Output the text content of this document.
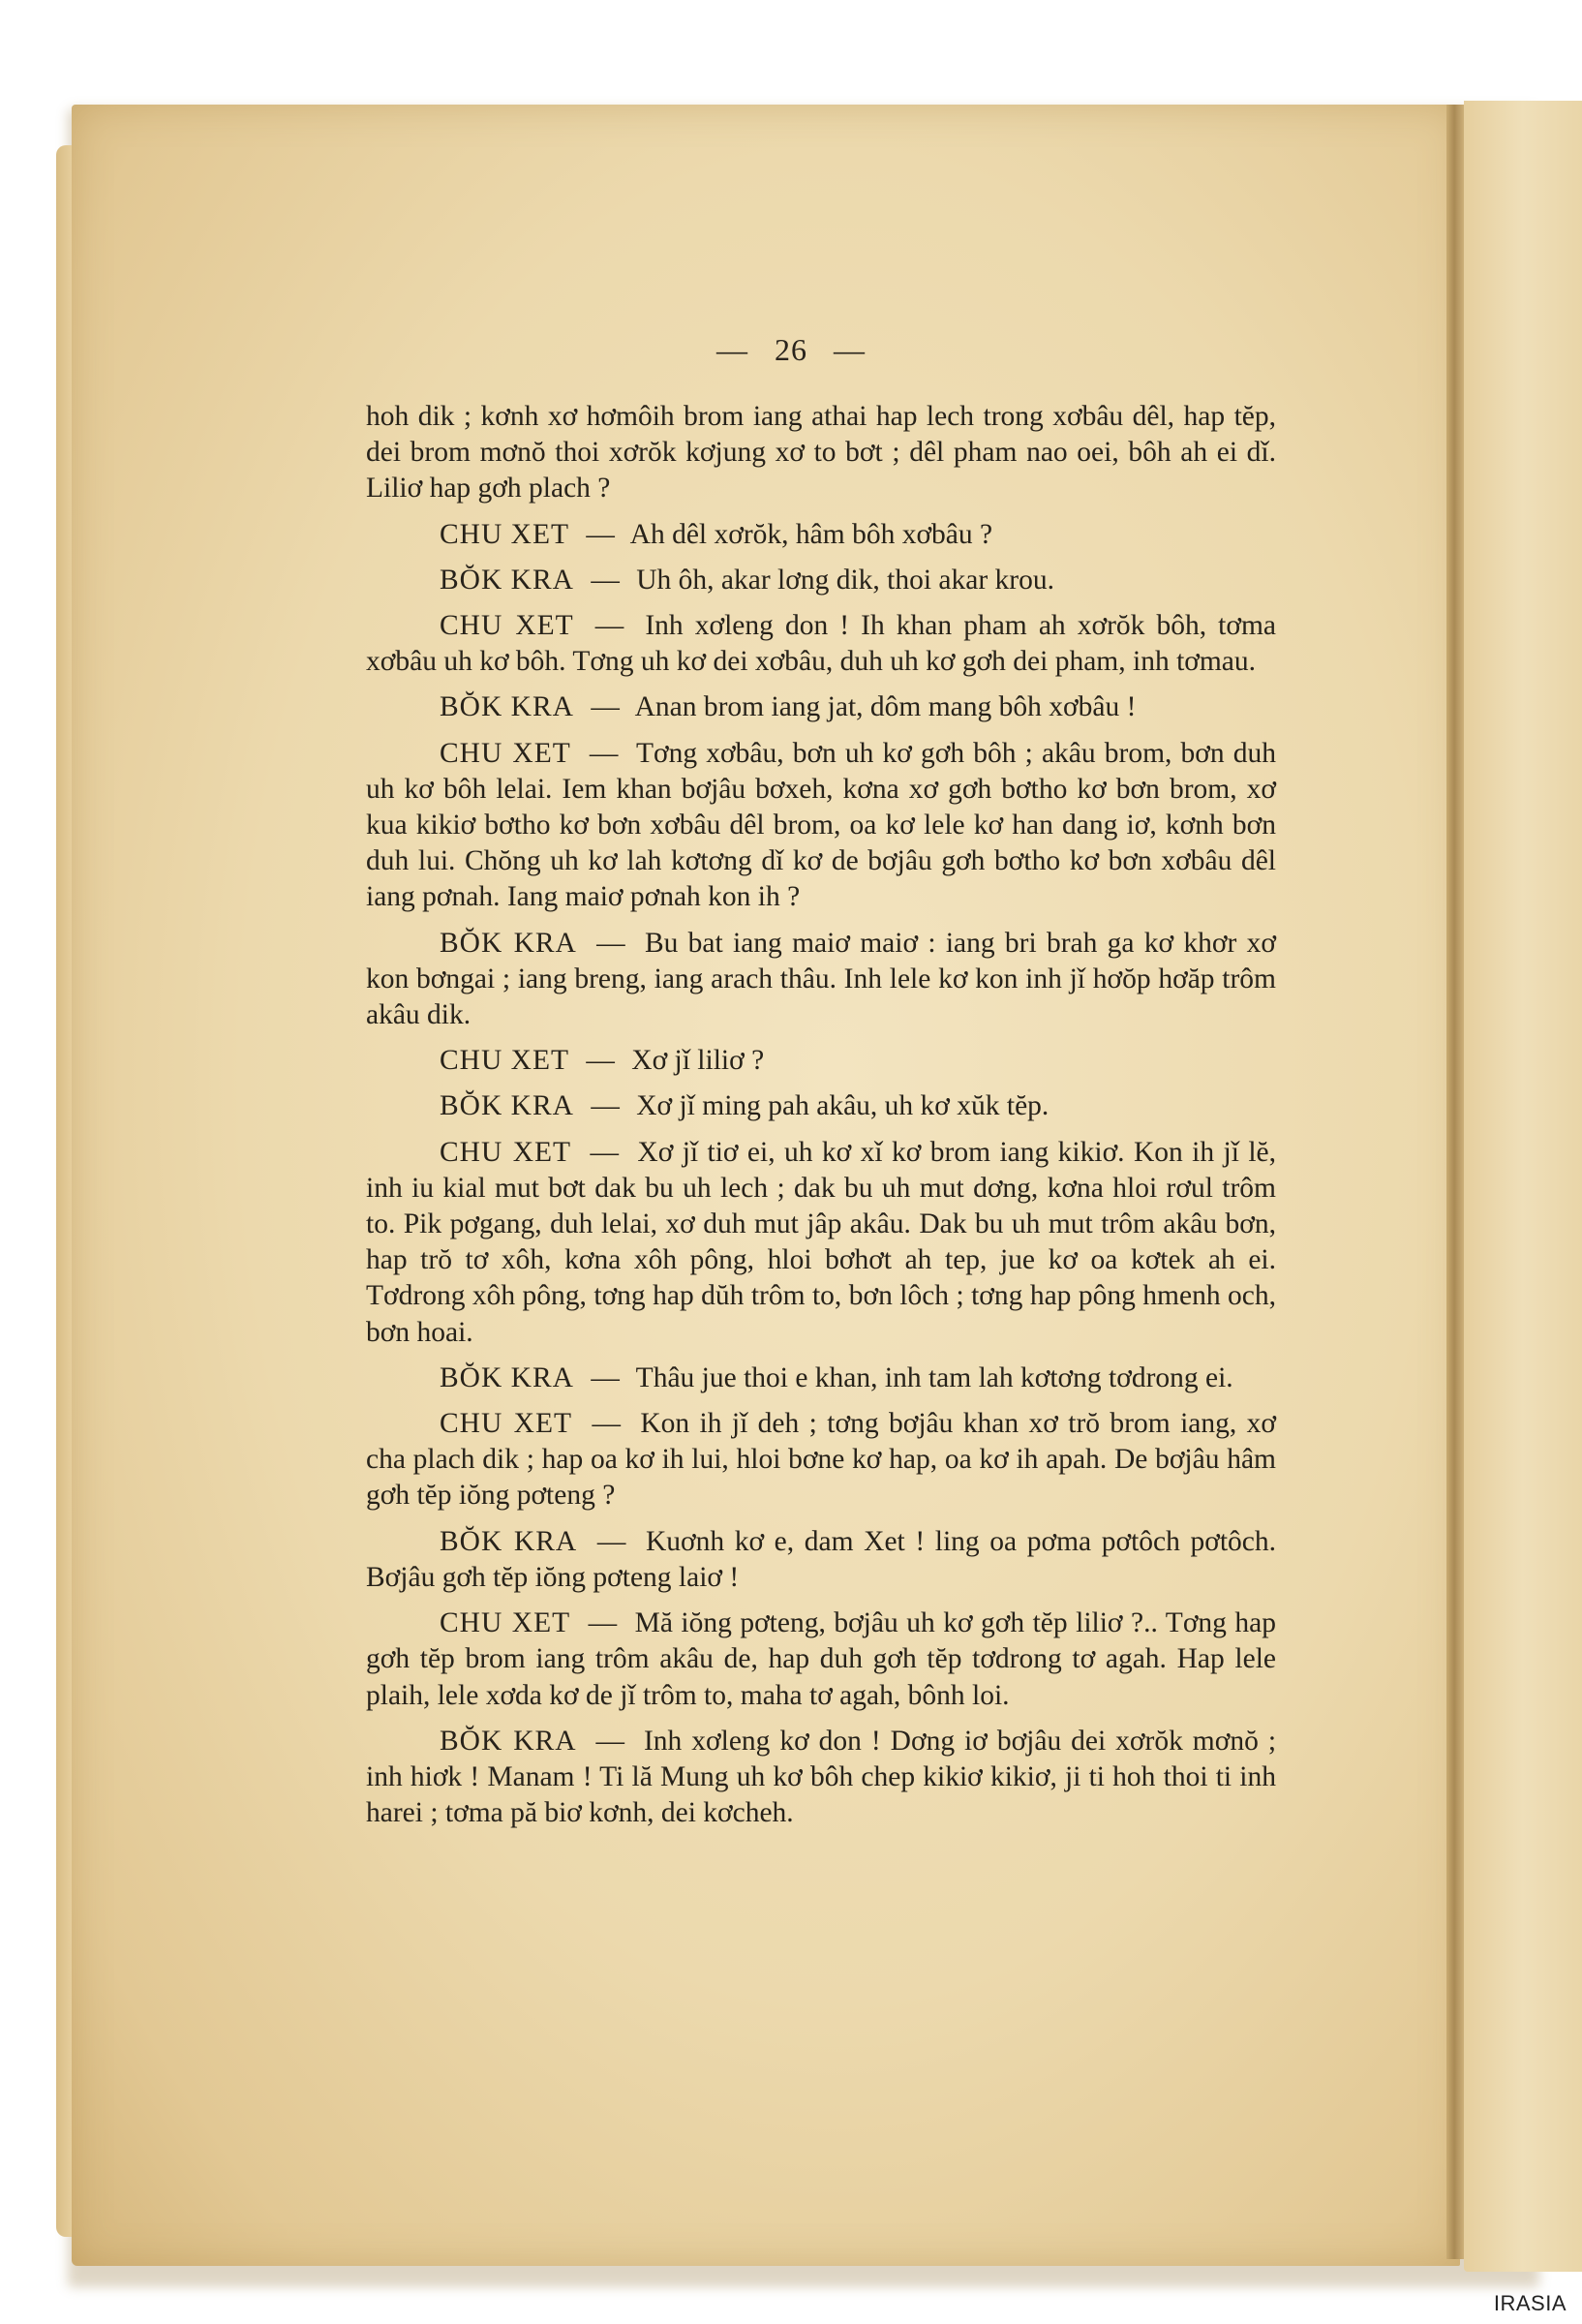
— 26 —

hoh dik ; kơnh xơ hơmôih brom iang athai hap lech trong xơbâu dêl, hap tĕp, dei brom mơnŏ thoi xơrŏk kơjung xơ to bơt ; dêl pham nao oei, bôh ah ei dǐ. Liliơ hap gơh plach ?

CHU XET — Ah dêl xơrŏk, hâm bôh xơbâu ?

BŎK KRA — Uh ôh, akar lơng dik, thoi akar krou.

CHU XET — Inh xơleng don ! Ih khan pham ah xơrŏk bôh, tơma xơbâu uh kơ bôh. Tơng uh kơ dei xơbâu, duh uh kơ gơh dei pham, inh tơmau.

BŎK KRA — Anan brom iang jat, dôm mang bôh xơbâu !

CHU XET — Tơng xơbâu, bơn uh kơ gơh bôh ; akâu brom, bơn duh uh kơ bôh lelai. Iem khan bơjâu bơxeh, kơna xơ gơh bơtho kơ bơn brom, xơ kua kikiơ bơtho kơ bơn xơbâu dêl brom, oa kơ lele kơ han dang iơ, kơnh bơn duh lui. Chŏng uh kơ lah kơtơng dǐ kơ de bơjâu gơh bơtho kơ bơn xơbâu dêl iang pơnah. Iang maiơ pơnah kon ih ?

BŎK KRA — Bu bat iang maiơ maiơ : iang bri brah ga kơ khơr xơ kon bơngai ; iang breng, iang arach thâu. Inh lele kơ kon inh jǐ hơŏp hơăp trôm akâu dik.

CHU XET — Xơ jǐ liliơ ?

BŎK KRA — Xơ jǐ ming pah akâu, uh kơ xŭk tĕp.

CHU XET — Xơ jǐ tiơ ei, uh kơ xǐ kơ brom iang kikiơ. Kon ih jǐ lĕ, inh iu kial mut bơt dak bu uh lech ; dak bu uh mut dơng, kơna hloi rơul trôm to. Pik pơgang, duh lelai, xơ duh mut jâp akâu. Dak bu uh mut trôm akâu bơn, hap trŏ tơ xôh, kơna xôh pông, hloi bơhơt ah tep, jue kơ oa kơtek ah ei. Tơdrong xôh pông, tơng hap dŭh trôm to, bơn lôch ; tơng hap pông hmenh och, bơn hoai.

BŎK KRA — Thâu jue thoi e khan, inh tam lah kơtơng tơdrong ei.

CHU XET — Kon ih jǐ deh ; tơng bơjâu khan xơ trŏ brom iang, xơ cha plach dik ; hap oa kơ ih lui, hloi bơne kơ hap, oa kơ ih apah. De bơjâu hâm gơh tĕp iŏng pơteng ?

BŎK KRA — Kuơnh kơ e, dam Xet ! ling oa pơma pơtôch pơtôch. Bơjâu gơh tĕp iŏng pơteng laiơ !

CHU XET — Mă iŏng pơteng, bơjâu uh kơ gơh tĕp liliơ ?.. Tơng hap gơh tĕp brom iang trôm akâu de, hap duh gơh tĕp tơdrong tơ agah. Hap lele plaih, lele xơda kơ de jǐ trôm to, maha tơ agah, bônh loi.

BŎK KRA — Inh xơleng kơ don ! Dơng iơ bơjâu dei xơrŏk mơnŏ ; inh hiơk ! Manam ! Ti lă Mung uh kơ bôh chep kikiơ kikiơ, ji ti hoh thoi ti inh harei ; tơma pă biơ kơnh, dei kơcheh.

IRASIA
